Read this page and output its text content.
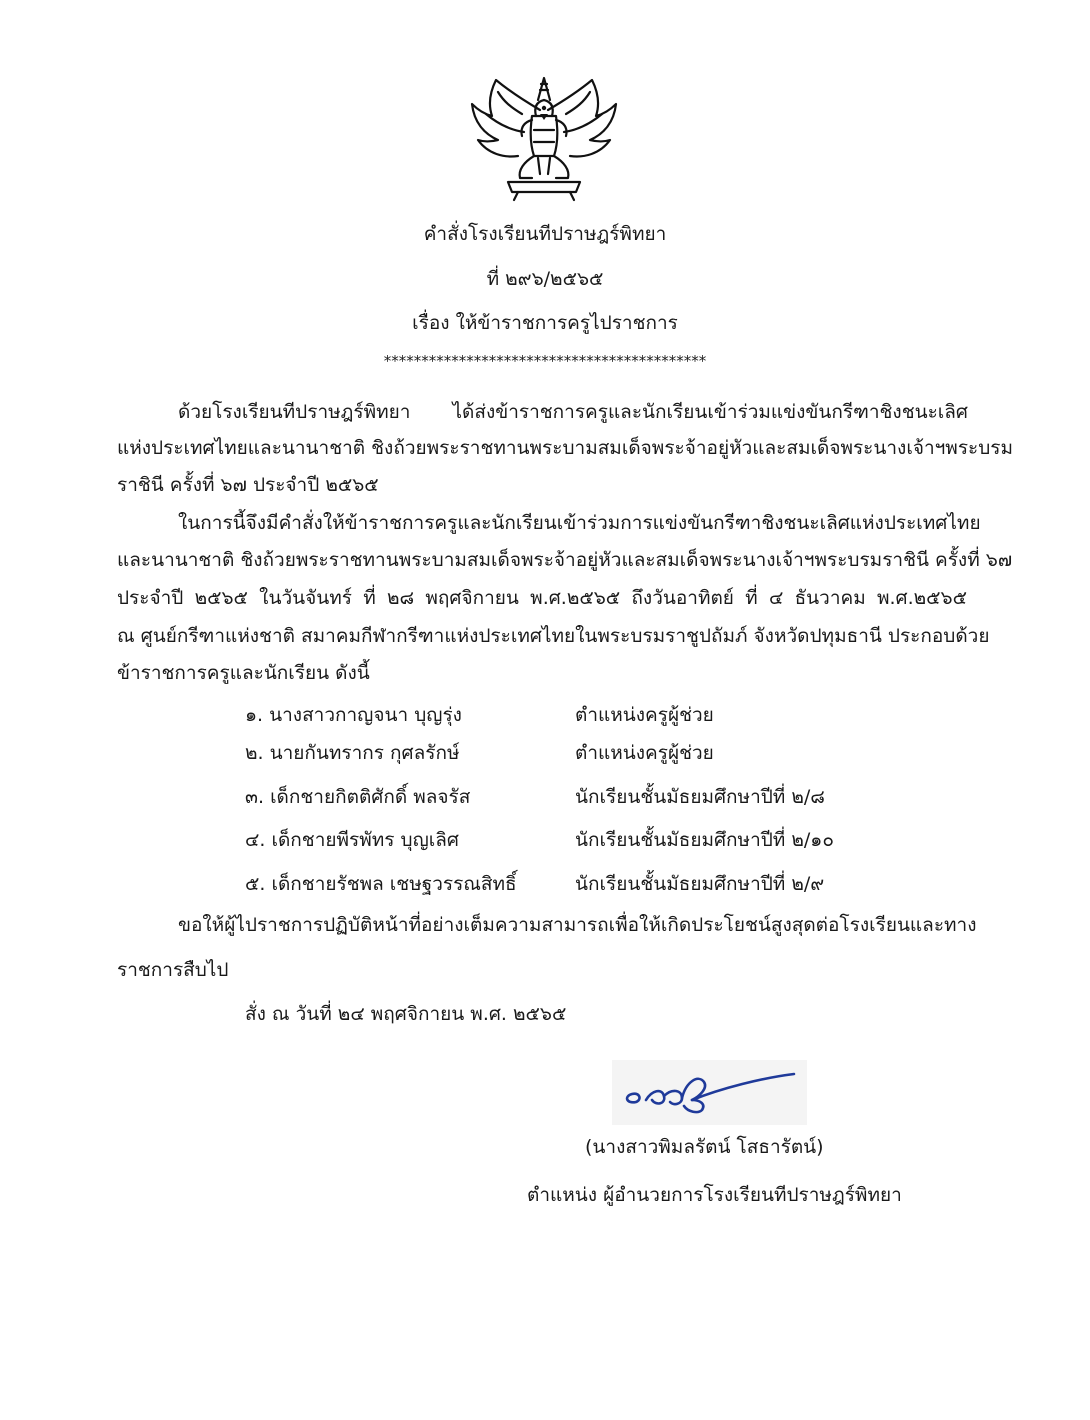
คำสั่งโรงเรียนทีปราษฎร์พิทยา
ที่ ๒๙๖/๒๕๖๕
เรื่อง ให้ข้าราชการครูไปราชการ
*******************************************
ด้วยโรงเรียนทีปราษฎร์พิทยา ได้ส่งข้าราชการครูและนักเรียนเข้าร่วมแข่งขันกรีฑาชิงชนะเลิศ
แห่งประเทศไทยและนานาชาติ ชิงถ้วยพระราชทานพระบามสมเด็จพระจ้าอยู่หัวและสมเด็จพระนางเจ้าฯพระบรม
ราชินี ครั้งที่ ๖๗ ประจำปี ๒๕๖๕
ในการนี้จึงมีคำสั่งให้ข้าราชการครูและนักเรียนเข้าร่วมการแข่งขันกรีฑาชิงชนะเลิศแห่งประเทศไทย
และนานาชาติ ชิงถ้วยพระราชทานพระบามสมเด็จพระจ้าอยู่หัวและสมเด็จพระนางเจ้าฯพระบรมราชินี ครั้งที่ ๖๗
ประจำปี ๒๕๖๕ ในวันจันทร์ ที่ ๒๘ พฤศจิกายน พ.ศ.๒๕๖๕ ถึงวันอาทิตย์ ที่ ๔ ธันวาคม พ.ศ.๒๕๖๕
ณ ศูนย์กรีฑาแห่งชาติ สมาคมกีฬากรีฑาแห่งประเทศไทยในพระบรมราชูปถัมภ์ จังหวัดปทุมธานี ประกอบด้วย
ข้าราชการครูและนักเรียน ดังนี้
๑. นางสาวกาญจนา บุญรุ่ง	ตำแหน่งครูผู้ช่วย
๒. นายกันทรากร กุศลรักษ์	ตำแหน่งครูผู้ช่วย
๓. เด็กชายกิตติศักดิ์ พลจรัส	นักเรียนชั้นมัธยมศึกษาปีที่ ๒/๘
๔. เด็กชายพีรพัทร บุญเลิศ	นักเรียนชั้นมัธยมศึกษาปีที่ ๒/๑๐
๕. เด็กชายรัชพล เชษฐวรรณสิทธิ์	นักเรียนชั้นมัธยมศึกษาปีที่ ๒/๙
ขอให้ผู้ไปราชการปฏิบัติหน้าที่อย่างเต็มความสามารถเพื่อให้เกิดประโยชน์สูงสุดต่อโรงเรียนและทาง
ราชการสืบไป
สั่ง ณ วันที่ ๒๔ พฤศจิกายน พ.ศ. ๒๕๖๕
(นางสาวพิมลรัตน์ โสธารัตน์)
ตำแหน่ง ผู้อำนวยการโรงเรียนทีปราษฎร์พิทยา
